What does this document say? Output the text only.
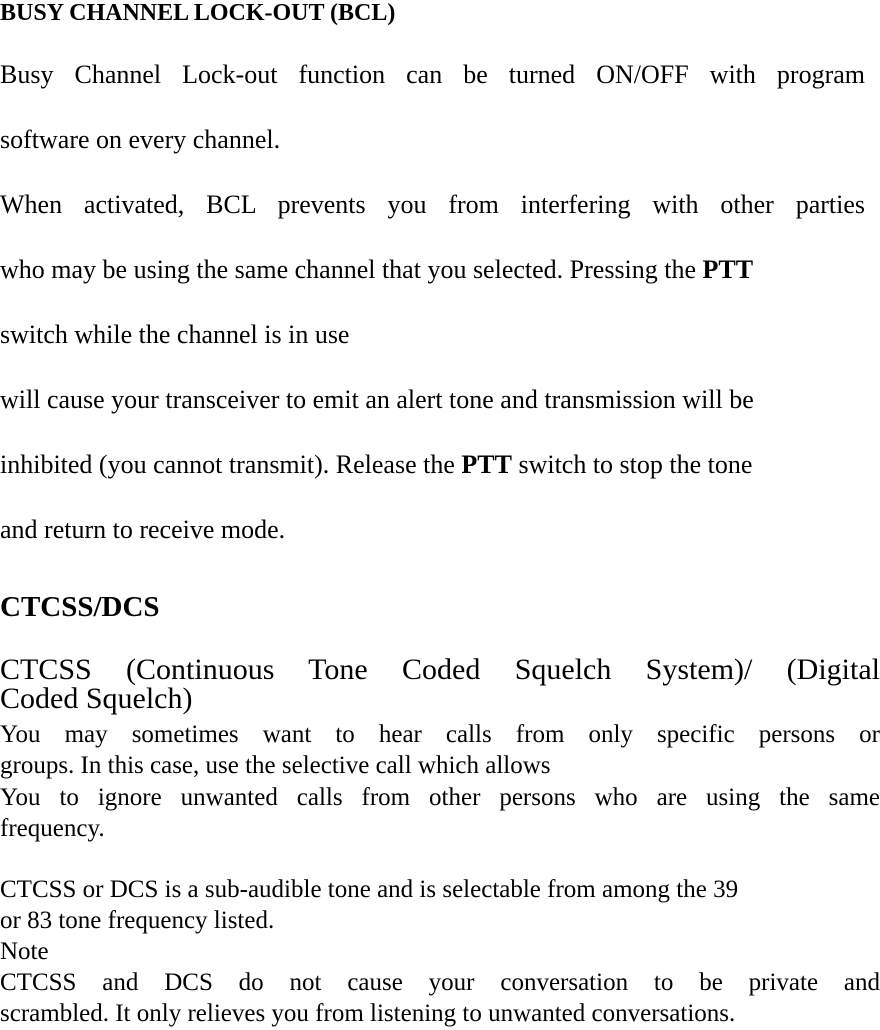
BUSY CHANNEL LOCK-OUT (BCL)

Busy Channel Lock-out function can be turned ON/OFF with program

software on every channel.

When activated, BCL prevents you from interfering with other parties

who may be using the same channel that you selected. Pressing the PTT

switch while the channel is in use

will cause your transceiver to emit an alert tone and transmission will be

inhibited (you cannot transmit). Release the PTT switch to stop the tone

and return to receive mode.

CTCSS/DCS

CTCSS (Continuous Tone Coded Squelch System)/ (Digital

Coded Squelch)

You may sometimes want to hear calls from only specific persons or

groups. In this case, use the selective call which allows

You to ignore unwanted calls from other persons who are using the same

frequency.

CTCSS or DCS is a sub-audible tone and is selectable from among the 39

or 83 tone frequency listed.

Note

CTCSS and DCS do not cause your conversation to be private and

scrambled. It only relieves you from listening to unwanted conversations.
